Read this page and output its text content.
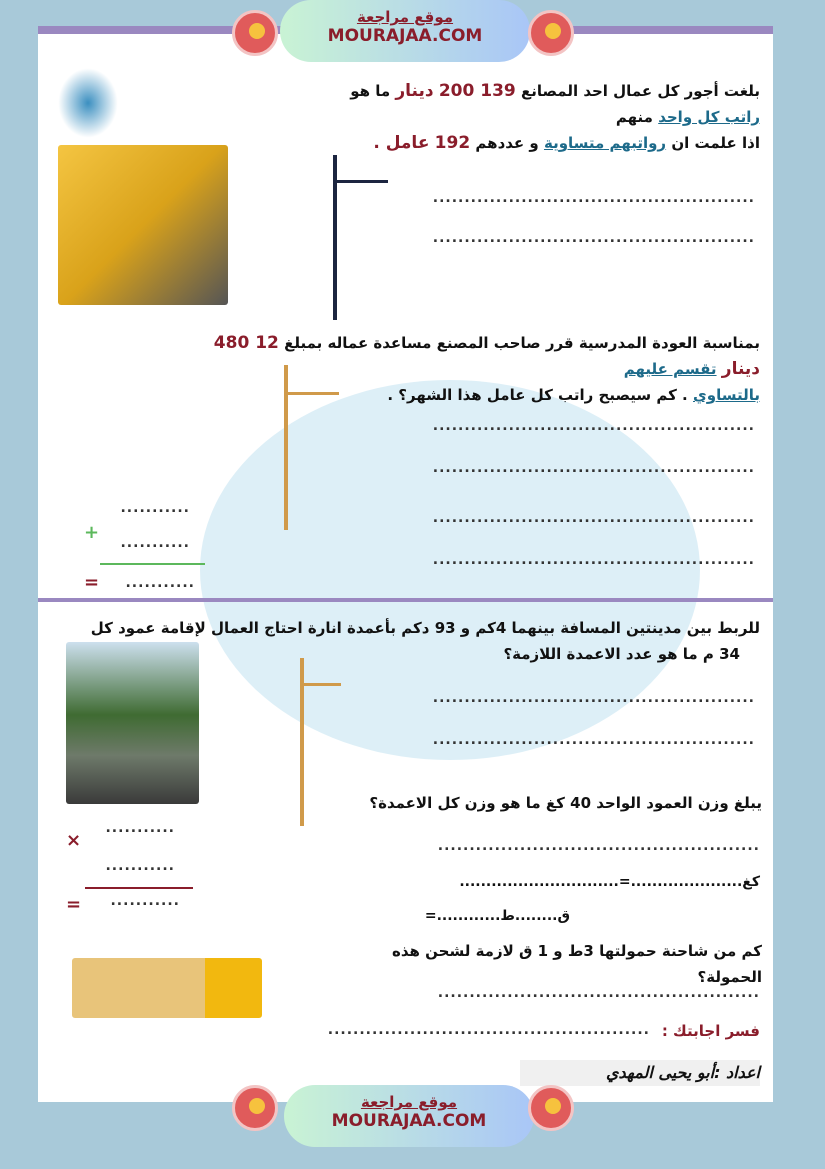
موقع مراجعة
MOURAJAA.COM
بلغت أجور كل عمال احد المصانع 139 200 دينار ما هو راتب كل واحد منهم
اذا علمت ان رواتبهم متساوية و عددهم 192 عامل .
...................................................
...................................................
بمناسبة العودة المدرسية قرر صاحب المصنع مساعدة عماله بمبلغ 12 480 دينار تقسم عليهم
بالتساوي . كم سيصبح راتب كل عامل هذا الشهر؟ .
...................................................
...................................................
...................................................
...................................................
...........
+	...........
=	...........
للربط بين مدينتين المسافة بينهما 4كم و 93 دكم بأعمدة انارة احتاج العمال لإقامة عمود كل
34 م ما هو عدد الاعمدة اللازمة؟
...................................................
...................................................
يبلغ وزن العمود الواحد 40 كغ ما هو وزن كل الاعمدة؟
...................................................
كغ.....................=..............................
ق........ط............=
...........
×
...........
=	...........
كم من شاحنة حمولتها 3ط و 1 ق لازمة لشحن هذه الحمولة؟
...................................................
فسر اجابتك :
...................................................
اعداد :أبو يحيى المهدي
موقع مراجعة
MOURAJAA.COM
